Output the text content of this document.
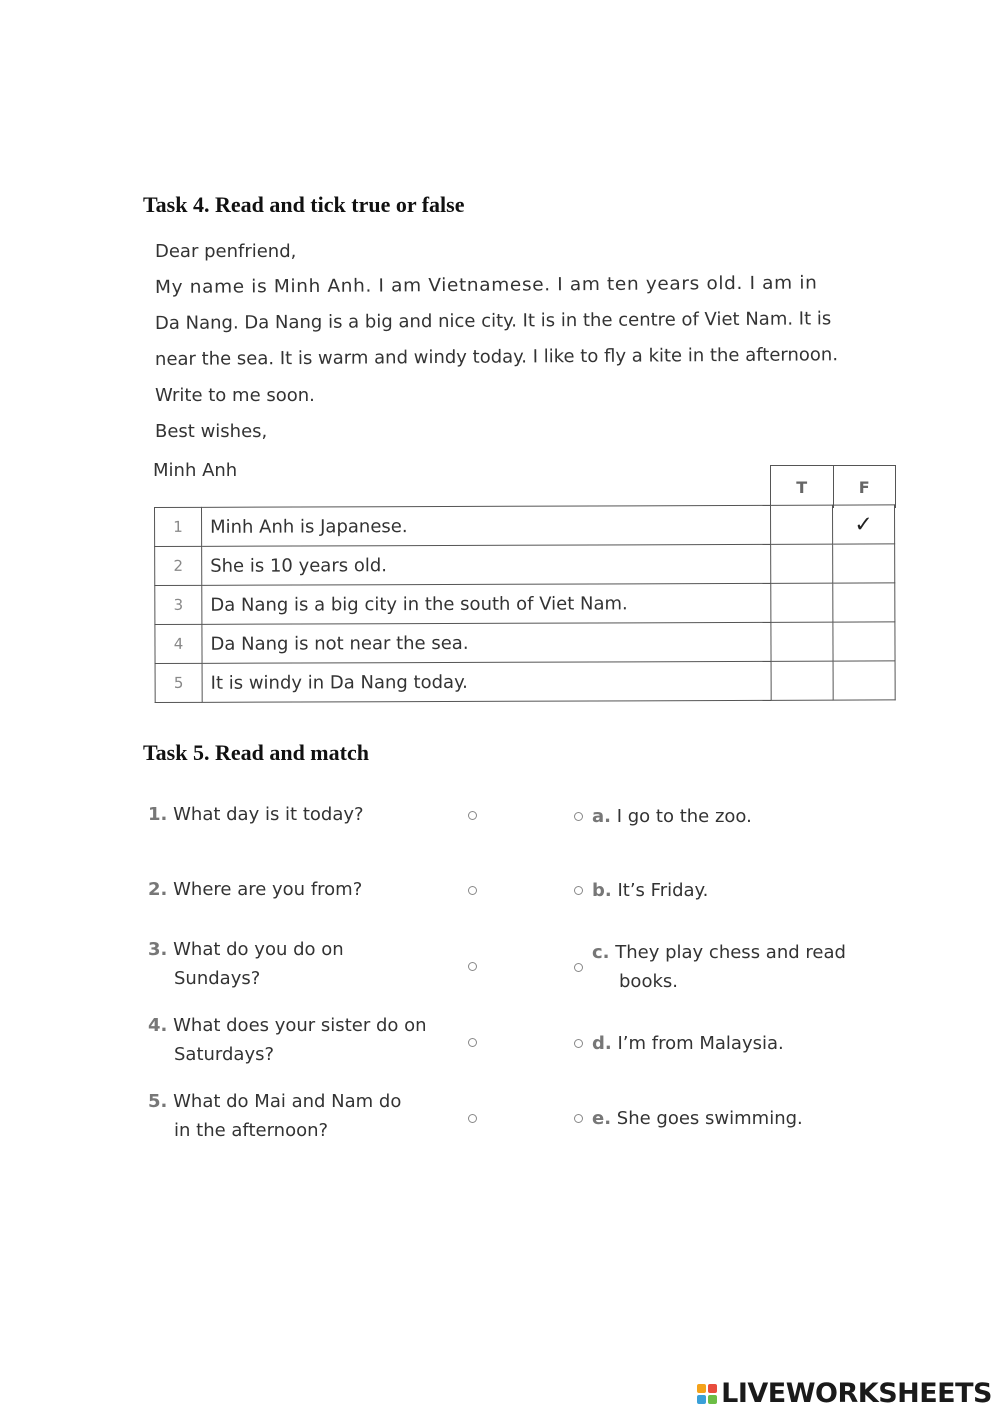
Task 4. Read and tick true or false
Dear penfriend,
My name is Minh Anh. I am Vietnamese. I am ten years old. I am in
Da Nang. Da Nang is a big and nice city. It is in the centre of Viet Nam. It is
near the sea. It is warm and windy today. I like to fly a kite in the afternoon.
Write to me soon.
Best wishes,
Minh Anh
T	F
1	Minh Anh is Japanese.		✓
2	She is 10 years old.		
3	Da Nang is a big city in the south of Viet Nam.		
4	Da Nang is not near the sea.		
5	It is windy in Da Nang today.		
Task 5. Read and match
1. What day is it today?
2. Where are you from?
3. What do you do on
Sundays?
4. What does your sister do on
Saturdays?
5. What do Mai and Nam do
in the afternoon?
a. I go to the zoo.
b. It’s Friday.
c. They play chess and read
books.
d. I’m from Malaysia.
e. She goes swimming.
LIVEWORKSHEETS
